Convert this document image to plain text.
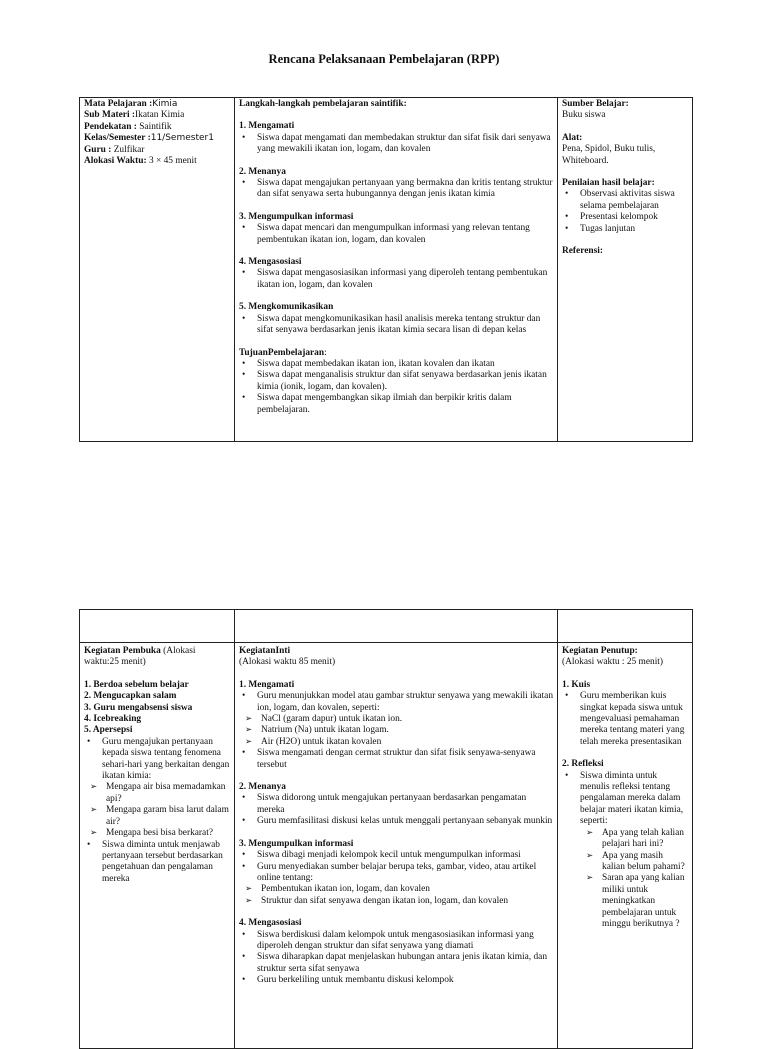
Rencana Pelaksanaan Pembelajaran (RPP)
Mata Pelajaran :Kimia
Sub Materi :Ikatan Kimia
Pendekatan : Saintifik
Kelas/Semester :11/Semester1
Guru : Zulfikar
Alokasi Waktu: 3 × 45 menit
Langkah-langkah pembelajaran saintifik:
1. Mengamati
• Siswa dapat mengamati dan membedakan struktur dan sifat fisik dari senyawa yang mewakili ikatan ion, logam, dan kovalen
2. Menanya
• Siswa dapat mengajukan pertanyaan yang bermakna dan kritis tentang struktur dan sifat senyawa serta hubungannya dengan jenis ikatan kimia
3. Mengumpulkan informasi
• Siswa dapat mencari dan mengumpulkan informasi yang relevan tentang pembentukan ikatan ion, logam, dan kovalen
4. Mengasosiasi
• Siswa dapat mengasosiasikan informasi yang diperoleh tentang pembentukan ikatan ion, logam, dan kovalen
5. Mengkomunikasikan
• Siswa dapat mengkomunikasikan hasil analisis mereka tentang struktur dan sifat senyawa berdasarkan jenis ikatan kimia secara lisan di depan kelas
TujuanPembelajaran:
• Siswa dapat membedakan ikatan ion, ikatan kovalen dan ikatan
• Siswa dapat menganalisis struktur dan sifat senyawa berdasarkan jenis ikatan kimia (ionik, logam, dan kovalen).
• Siswa dapat mengembangkan sikap ilmiah dan berpikir kritis dalam pembelajaran.
Sumber Belajar:
Buku siswa
Alat:
Pena, Spidol, Buku tulis, Whiteboard.
Penilaian hasil belajar:
• Observasi aktivitas siswa selama pembelajaran
• Presentasi kelompok
• Tugas lanjutan
Referensi:
Kegiatan Pembuka (Alokasi waktu:25 menit)
1. Berdoa sebelum belajar
2. Mengucapkan salam
3. Guru mengabsensi siswa
4. Icebreaking
5. Apersepsi
• Guru mengajukan pertanyaan kepada siswa tentang fenomena sehari-hari yang berkaitan dengan ikatan kimia:
➢ Mengapa air bisa memadamkan api?
➢ Mengapa garam bisa larut dalam air?
➢ Mengapa besi bisa berkarat?
• Siswa diminta untuk menjawab pertanyaan tersebut berdasarkan pengetahuan dan pengalaman mereka
KegiatanInti
(Alokasi waktu 85 menit)
1. Mengamati
• Guru menunjukkan model atau gambar struktur senyawa yang mewakili ikatan ion, logam, dan kovalen, seperti:
➢ NaCl (garam dapur) untuk ikatan ion.
➢ Natrium (Na) untuk ikatan logam.
➢ Air (H2O) untuk ikatan kovalen
• Siswa mengamati dengan cermat struktur dan sifat fisik senyawa-senyawa tersebut
2. Menanya
• Siswa didorong untuk mengajukan pertanyaan berdasarkan pengamatan mereka
• Guru memfasilitasi diskusi kelas untuk menggali pertanyaan sebanyak munkin
3. Mengumpulkan informasi
• Siswa dibagi menjadi kelompok kecil untuk mengumpulkan informasi
• Guru menyediakan sumber belajar berupa teks, gambar, video, atau artikel online tentang:
➢ Pembentukan ikatan ion, logam, dan kovalen
➢ Struktur dan sifat senyawa dengan ikatan ion, logam, dan kovalen
4. Mengasosiasi
• Siswa berdiskusi dalam kelompok untuk mengasosiasikan informasi yang diperoleh dengan struktur dan sifat senyawa yang diamati
• Siswa diharapkan dapat menjelaskan hubungan antara jenis ikatan kimia, dan struktur serta sifat senyawa
• Guru berkeliling untuk membantu diskusi kelompok
Kegiatan Penutup:
(Alokasi waktu : 25 menit)
1. Kuis
• Guru memberikan kuis singkat kepada siswa untuk mengevaluasi pemahaman mereka tentang materi yang telah mereka presentasikan
2. Refleksi
• Siswa diminta untuk menulis refleksi tentang pengalaman mereka dalam belajar materi ikatan kimia, seperti:
➢ Apa yang telah kalian pelajari hari ini?
➢ Apa yang masih kalian belum pahami?
➢ Saran apa yang kalian miliki untuk meningkatkan pembelajaran untuk minggu berikutnya ?
